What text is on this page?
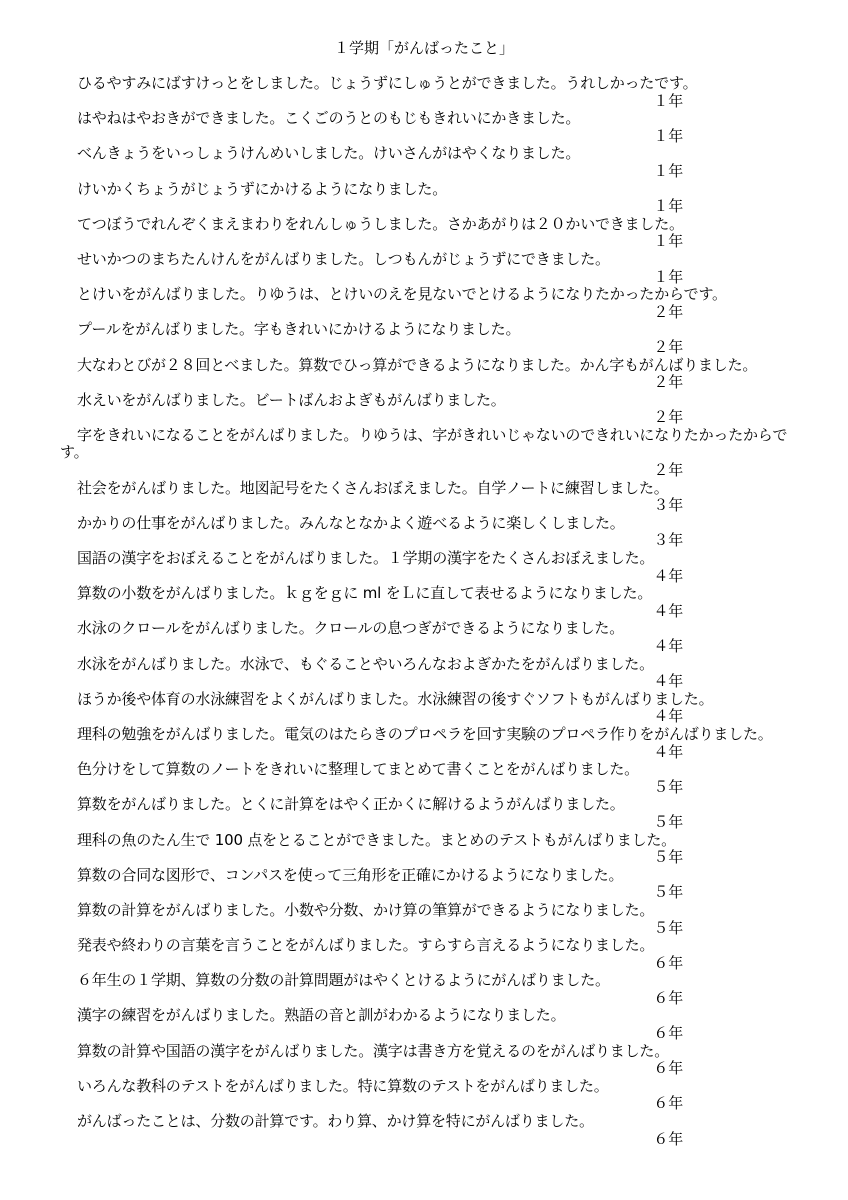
１学期「がんばったこと」
ひるやすみにばすけっとをしました。じょうずにしゅうとができました。うれしかったです。
１年
はやねはやおきができました。こくごのうとのもじもきれいにかきました。
１年
べんきょうをいっしょうけんめいしました。けいさんがはやくなりました。
１年
けいかくちょうがじょうずにかけるようになりました。
１年
てつぼうでれんぞくまえまわりをれんしゅうしました。さかあがりは２０かいできました。
１年
せいかつのまちたんけんをがんばりました。しつもんがじょうずにできました。
１年
とけいをがんばりました。りゆうは、とけいのえを見ないでとけるようになりたかったからです。
２年
プールをがんばりました。字もきれいにかけるようになりました。
２年
大なわとびが２８回とべました。算数でひっ算ができるようになりました。かん字もがんばりました。
２年
水えいをがんばりました。ビートばんおよぎもがんばりました。
２年
字をきれいになることをがんばりました。りゆうは、字がきれいじゃないのできれいになりたかったからです。
２年
社会をがんばりました。地図記号をたくさんおぼえました。自学ノートに練習しました。
３年
かかりの仕事をがんばりました。みんなとなかよく遊べるように楽しくしました。
３年
国語の漢字をおぼえることをがんばりました。１学期の漢字をたくさんおぼえました。
４年
算数の小数をがんばりました。ｋｇをｇに ml をＬに直して表せるようになりました。
４年
水泳のクロールをがんばりました。クロールの息つぎができるようになりました。
４年
水泳をがんばりました。水泳で、もぐることやいろんなおよぎかたをがんばりました。
４年
ほうか後や体育の水泳練習をよくがんばりました。水泳練習の後すぐソフトもがんばりました。
４年
理科の勉強をがんばりました。電気のはたらきのプロペラを回す実験のプロペラ作りをがんばりました。
４年
色分けをして算数のノートをきれいに整理してまとめて書くことをがんばりました。
５年
算数をがんばりました。とくに計算をはやく正かくに解けるようがんばりました。
５年
理科の魚のたん生で 100 点をとることができました。まとめのテストもがんばりました。
５年
算数の合同な図形で、コンパスを使って三角形を正確にかけるようになりました。
５年
算数の計算をがんばりました。小数や分数、かけ算の筆算ができるようになりました。
５年
発表や終わりの言葉を言うことをがんばりました。すらすら言えるようになりました。
６年
６年生の１学期、算数の分数の計算問題がはやくとけるようにがんばりました。
６年
漢字の練習をがんばりました。熟語の音と訓がわかるようになりました。
６年
算数の計算や国語の漢字をがんばりました。漢字は書き方を覚えるのをがんばりました。
６年
いろんな教科のテストをがんばりました。特に算数のテストをがんばりました。
６年
がんばったことは、分数の計算です。わり算、かけ算を特にがんばりました。
６年
